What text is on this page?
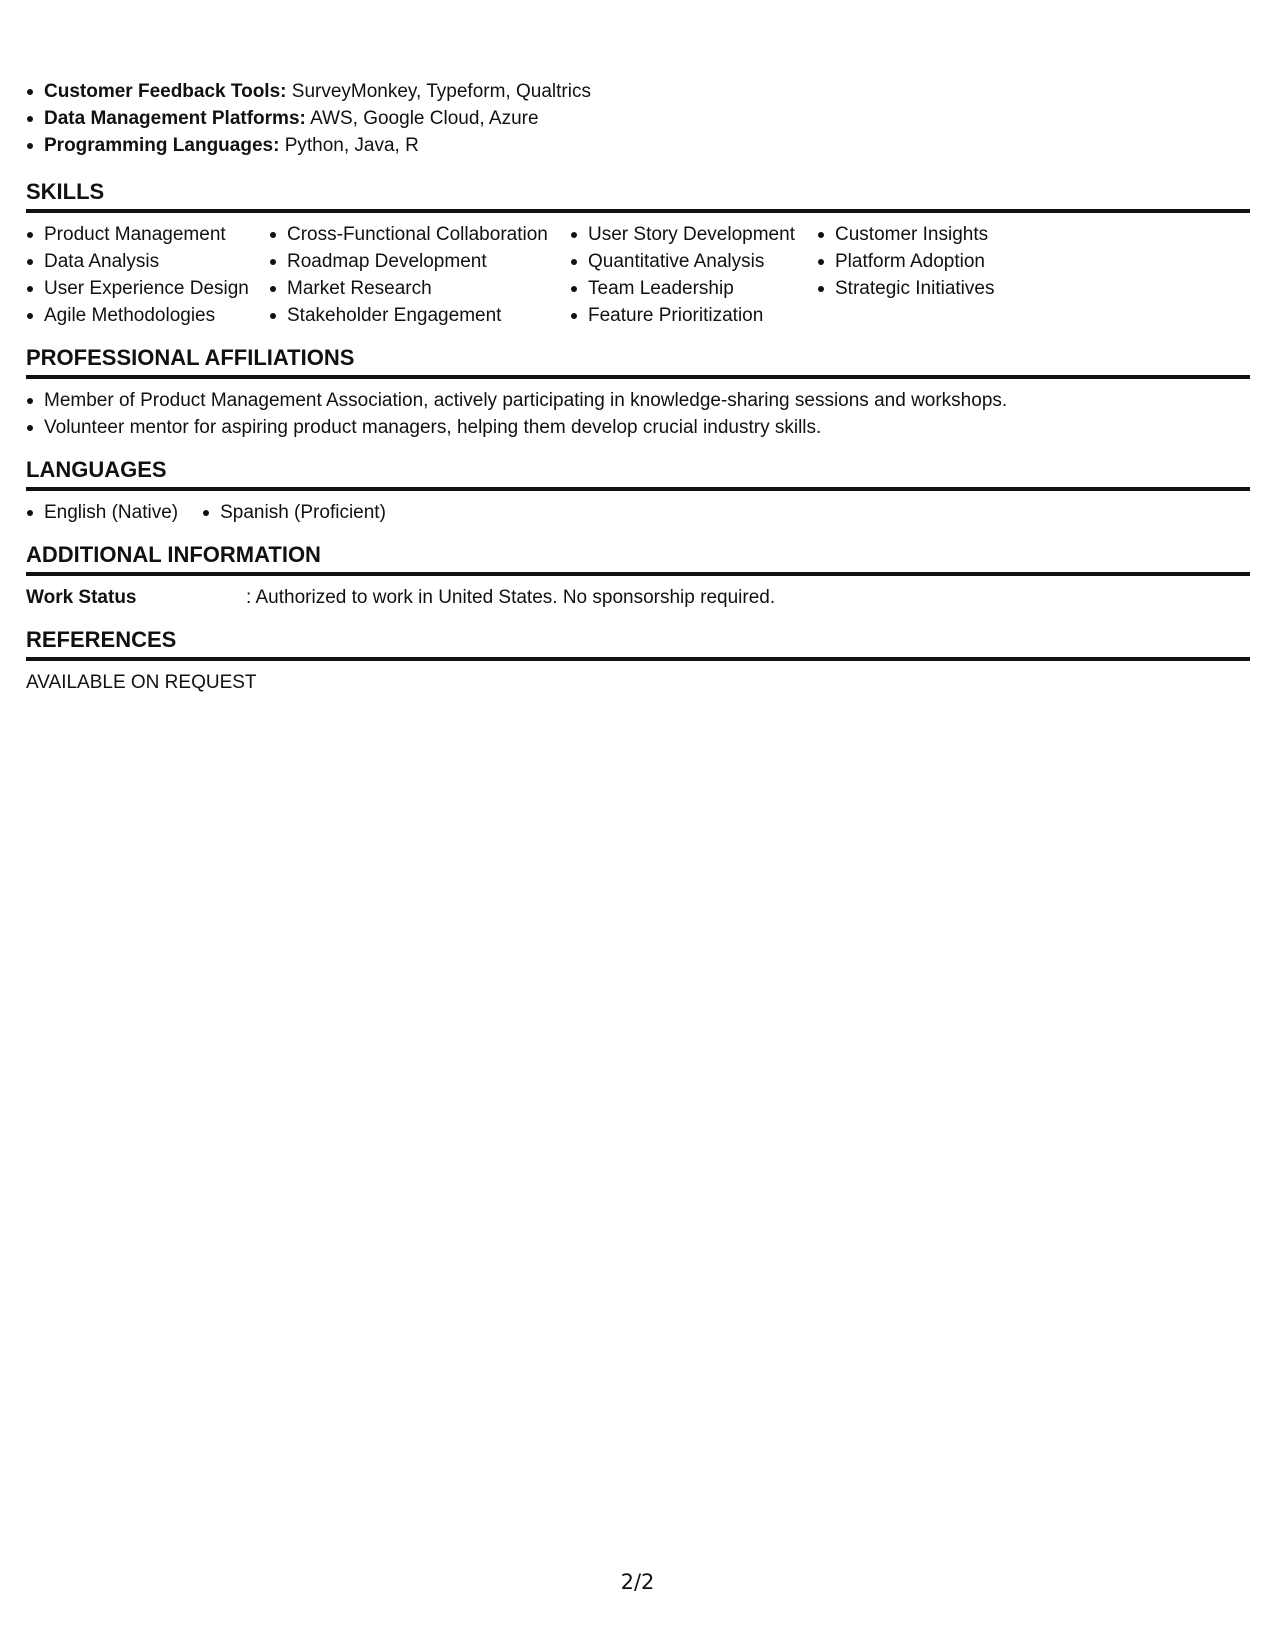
Customer Feedback Tools: SurveyMonkey, Typeform, Qualtrics
Data Management Platforms: AWS, Google Cloud, Azure
Programming Languages: Python, Java, R
SKILLS
Product Management
Data Analysis
User Experience Design
Agile Methodologies
Cross-Functional Collaboration
Roadmap Development
Market Research
Stakeholder Engagement
User Story Development
Quantitative Analysis
Team Leadership
Feature Prioritization
Customer Insights
Platform Adoption
Strategic Initiatives
PROFESSIONAL AFFILIATIONS
Member of Product Management Association, actively participating in knowledge-sharing sessions and workshops.
Volunteer mentor for aspiring product managers, helping them develop crucial industry skills.
LANGUAGES
English (Native)	Spanish (Proficient)
ADDITIONAL INFORMATION
Work Status	: Authorized to work in United States. No sponsorship required.
REFERENCES
AVAILABLE ON REQUEST
2/2
